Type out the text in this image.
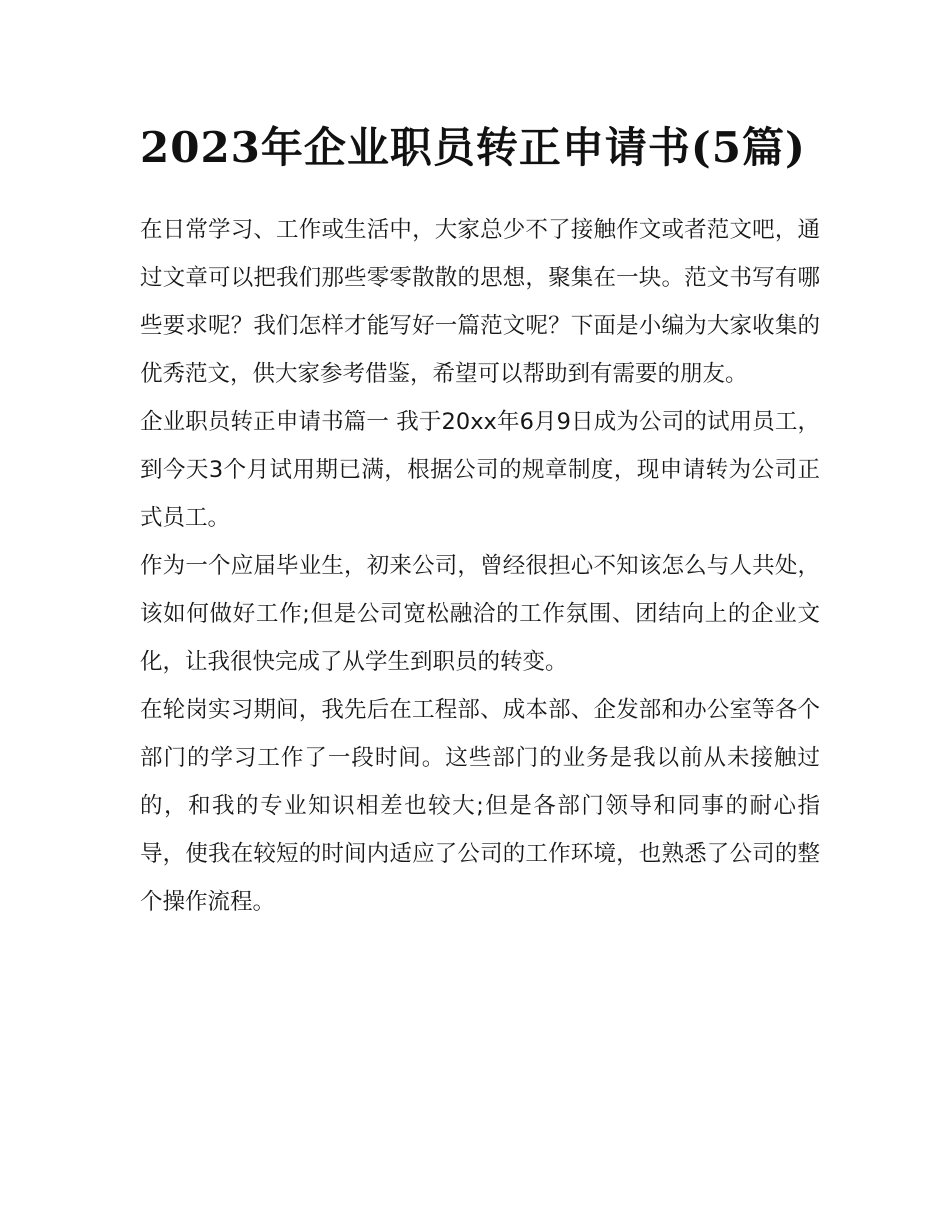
2023年企业职员转正申请书(5篇)

在日常学习、工作或生活中，大家总少不了接触作文或者范文吧，通过文章可以把我们那些零零散散的思想，聚集在一块。范文书写有哪些要求呢？我们怎样才能写好一篇范文呢？下面是小编为大家收集的优秀范文，供大家参考借鉴，希望可以帮助到有需要的朋友。

企业职员转正申请书篇一 我于20xx年6月9日成为公司的试用员工，到今天3个月试用期已满，根据公司的规章制度，现申请转为公司正式员工。

作为一个应届毕业生，初来公司，曾经很担心不知该怎么与人共处，该如何做好工作;但是公司宽松融洽的工作氛围、团结向上的企业文化，让我很快完成了从学生到职员的转变。

在轮岗实习期间，我先后在工程部、成本部、企发部和办公室等各个部门的学习工作了一段时间。这些部门的业务是我以前从未接触过的，和我的专业知识相差也较大;但是各部门领导和同事的耐心指导，使我在较短的时间内适应了公司的工作环境，也熟悉了公司的整个操作流程。
